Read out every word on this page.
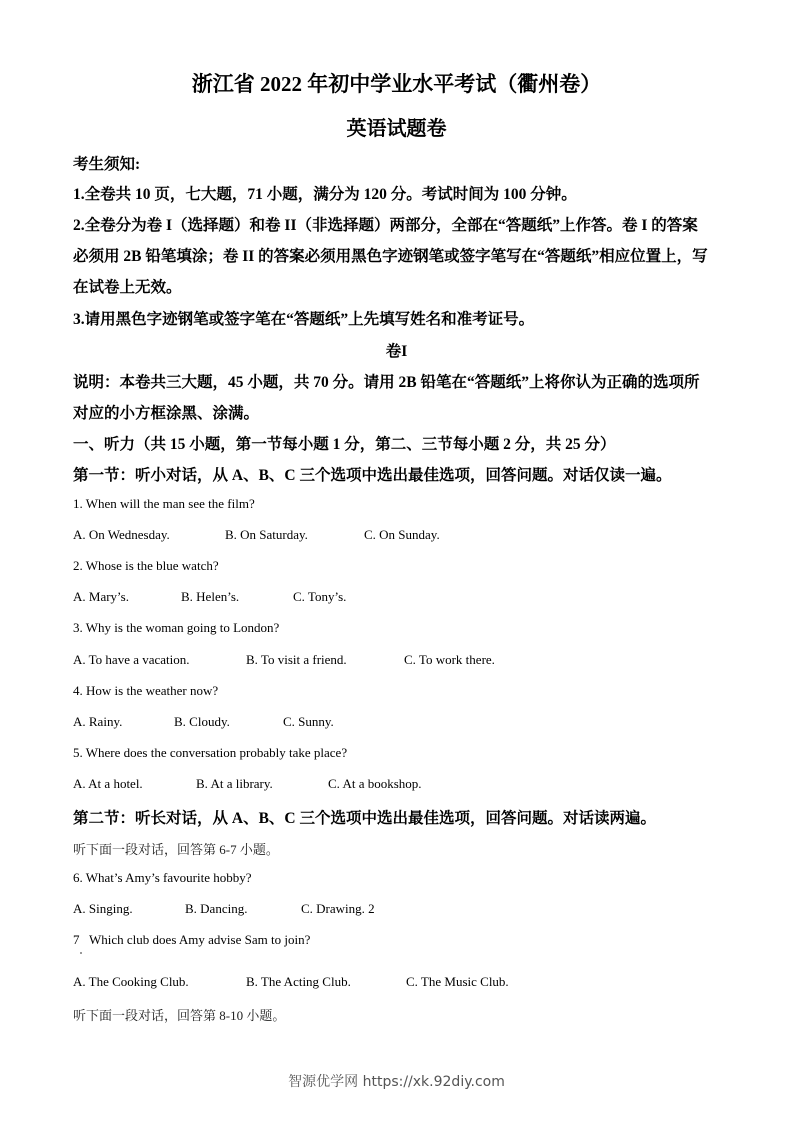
浙江省 2022 年初中学业水平考试（衢州卷）
英语试题卷
考生须知:
1.全卷共 10 页，七大题，71 小题，满分为 120 分。考试时间为 100 分钟。
2.全卷分为卷 I（选择题）和卷 II（非选择题）两部分，全部在“答题纸”上作答。卷 I 的答案
必须用 2B 铅笔填涂；卷 II 的答案必须用黑色字迹钢笔或签字笔写在“答题纸”相应位置上，写
在试卷上无效。
3.请用黑色字迹钢笔或签字笔在“答题纸”上先填写姓名和准考证号。
卷I
说明：本卷共三大题，45 小题，共 70 分。请用 2B 铅笔在“答题纸”上将你认为正确的选项所
对应的小方框涂黑、涂满。
一、听力（共 15 小题，第一节每小题 1 分，第二、三节每小题 2 分，共 25 分）
第一节：听小对话，从 A、B、C 三个选项中选出最佳选项，回答问题。对话仅读一遍。
1. When will the man see the film?
A. On Wednesday.	B. On Saturday.	C. On Sunday.
2. Whose is the blue watch?
A. Mary’s.	B. Helen’s.	C. Tony’s.
3. Why is the woman going to London?
A. To have a vacation.	B. To visit a friend.	C. To work there.
4. How is the weather now?
A. Rainy.	B. Cloudy.	C. Sunny.
5. Where does the conversation probably take place?
A. At a hotel.	B. At a library.	C. At a bookshop.
第二节：听长对话，从 A、B、C 三个选项中选出最佳选项，回答问题。对话读两遍。
听下面一段对话，回答第 6-7 小题。
6. What’s Amy’s favourite hobby?
A. Singing.	B. Dancing.	C. Drawing. 2
7   Which club does Amy advise Sam to join?
A. The Cooking Club.	B. The Acting Club.	C. The Music Club.
听下面一段对话，回答第 8-10 小题。
智源优学网 https://xk.92diy.com
